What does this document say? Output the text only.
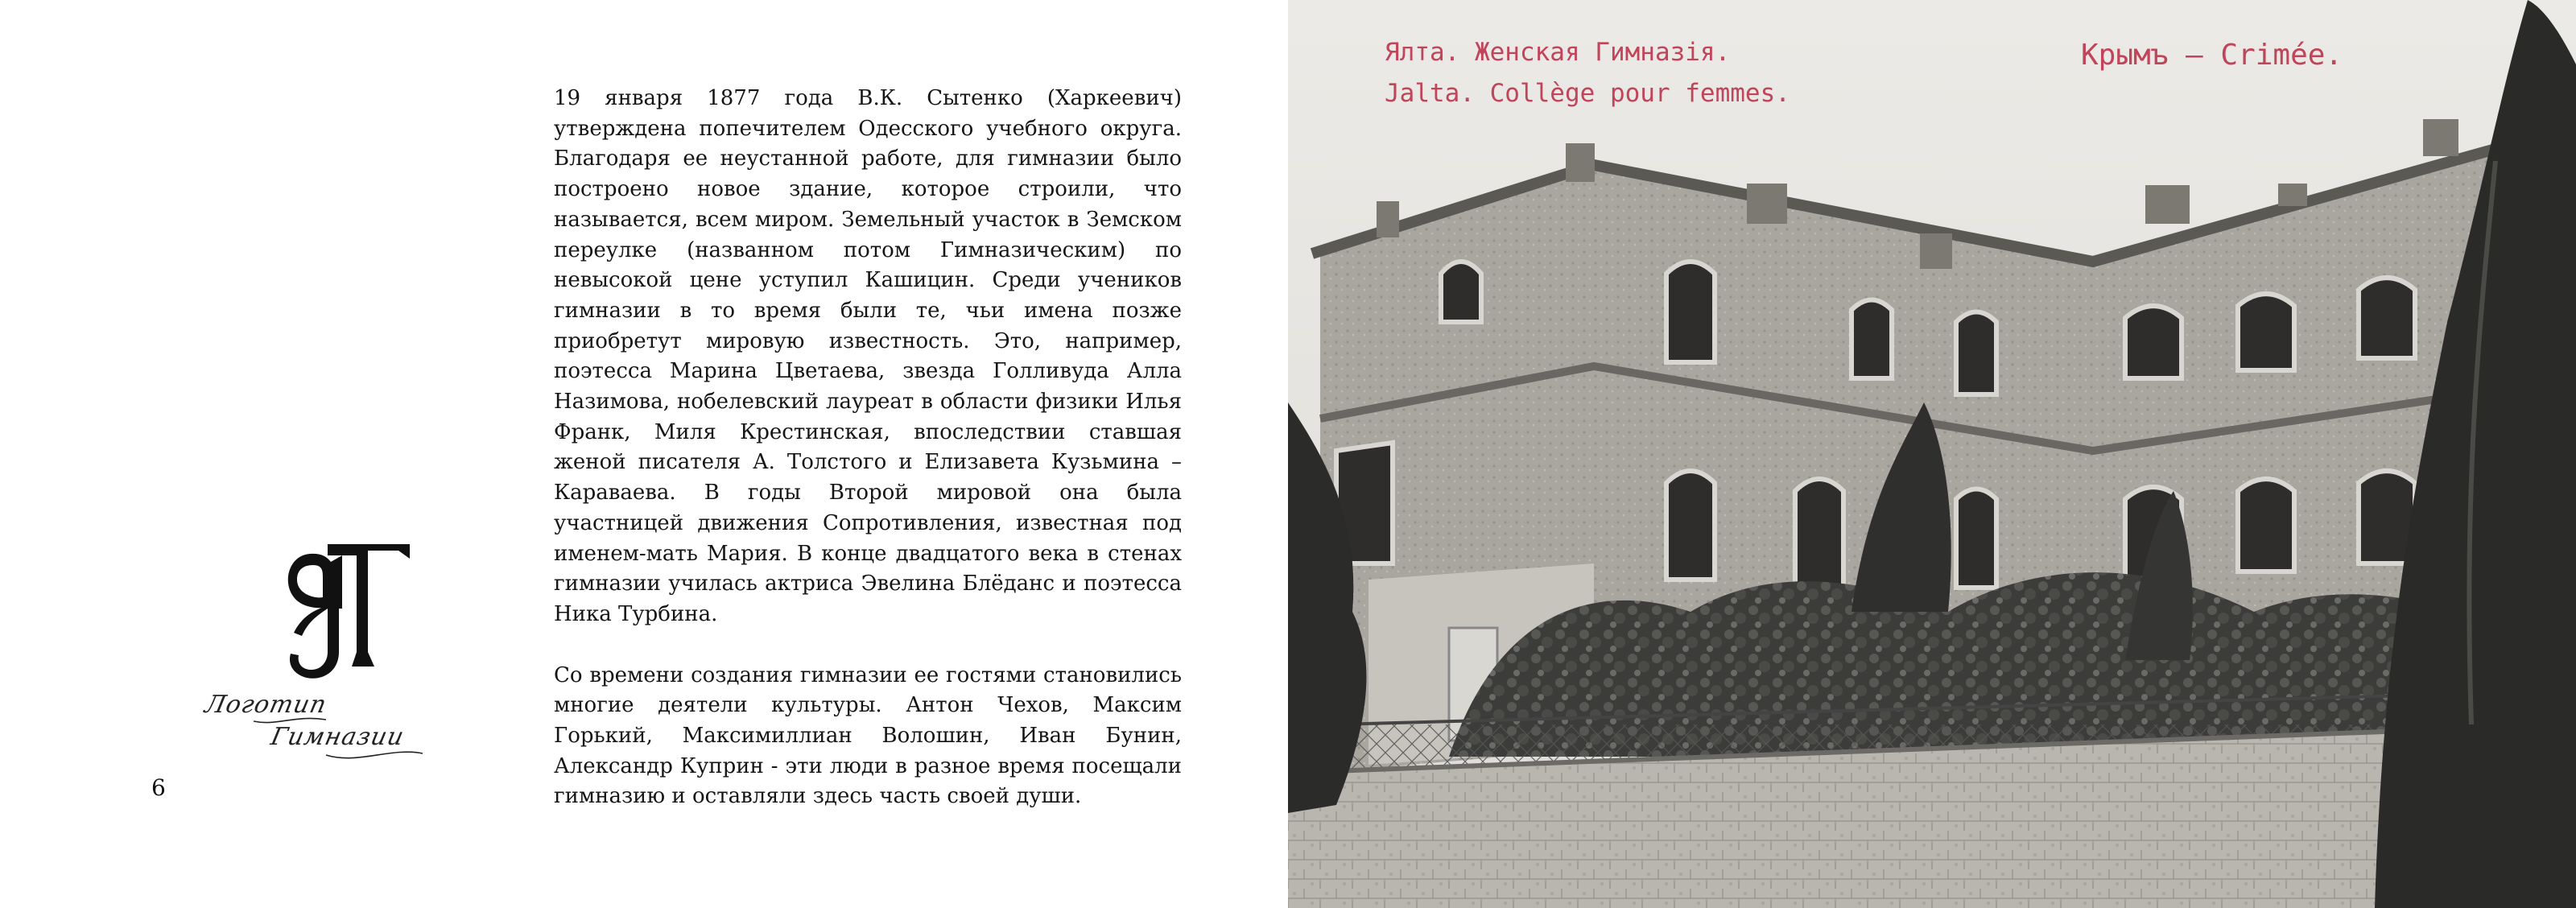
19 января 1877 года В.К. Сытенко (Харкеевич) утверждена попечителем Одесского учебного округа. Благодаря ее неустанной работе, для гимназии было построено новое здание, которое строили, что называется, всем миром. Земельный участок в Земском переулке (названном потом Гимназическим) по невысокой цене уступил Кашицин. Среди учеников гимназии в то время были те, чьи имена позже приобретут мировую известность. Это, например, поэтесса Марина Цветаева, звезда Голливуда Алла Назимова, нобелевский лауреат в области физики Илья Франк, Миля Крестинская, впоследствии ставшая женой писателя А. Толстого и Елизавета Кузьмина – Караваева. В годы Второй мировой она была участницей движения Сопротивления, известная под именем-мать Мария. В конце двадцатого века в стенах гимназии училась актриса Эвелина Блёданс и поэтесса Ника Турбина.

Со времени создания гимназии ее гостями становились многие деятели культуры. Антон Чехов, Максим Горький, Максимиллиан Волошин, Иван Бунин, Александр Куприн - эти люди в разное время посещали гимназию и оставляли здесь часть своей души.

Логотип
Гимназии
6
Ялта. Женская Гимназія.
Jalta. Collège pour femmes.
Крымъ — Crimée.
